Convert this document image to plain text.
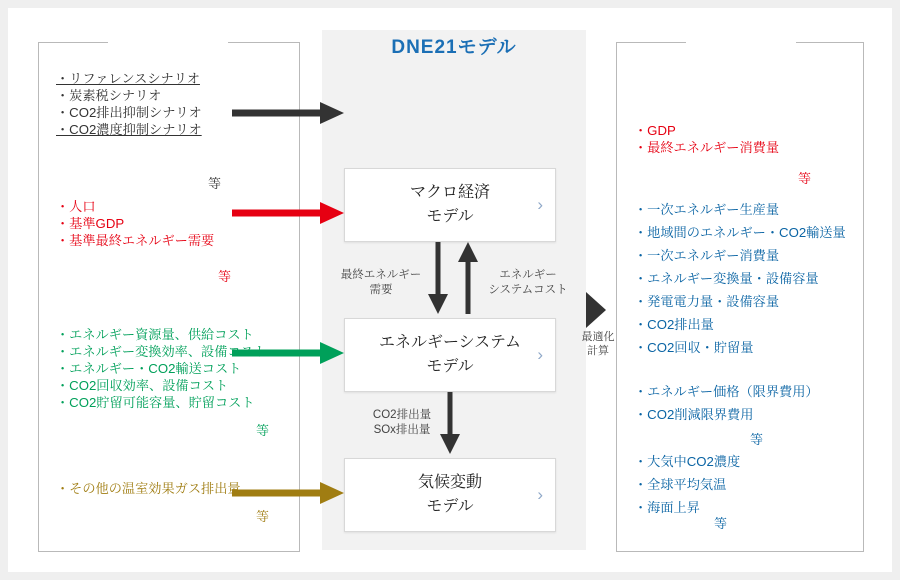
DNE21モデル
・リファレンスシナリオ
・炭素税シナリオ
・CO2排出抑制シナリオ
・CO2濃度抑制シナリオ
等
・人口
・基準GDP
・基準最終エネルギー需要
等
・エネルギー資源量、供給コスト
・エネルギー変換効率、設備コスト
・エネルギー・CO2輸送コスト
・CO2回収効率、設備コスト
・CO2貯留可能容量、貯留コスト
等
・その他の温室効果ガス排出量
等
マクロ経済
モデル
›
エネルギーシステム
モデル
›
気候変動
モデル
›
最終エネルギー
需要
エネルギー
システムコスト
CO2排出量
SOx排出量
最適化
計算
・GDP
・最終エネルギー消費量
等
・一次エネルギー生産量
・地域間のエネルギー・CO2輸送量
・一次エネルギー消費量
・エネルギー変換量・設備容量
・発電電力量・設備容量
・CO2排出量
・CO2回収・貯留量
・エネルギー価格（限界費用）
・CO2削減限界費用
等
・大気中CO2濃度
・全球平均気温
・海面上昇
等
